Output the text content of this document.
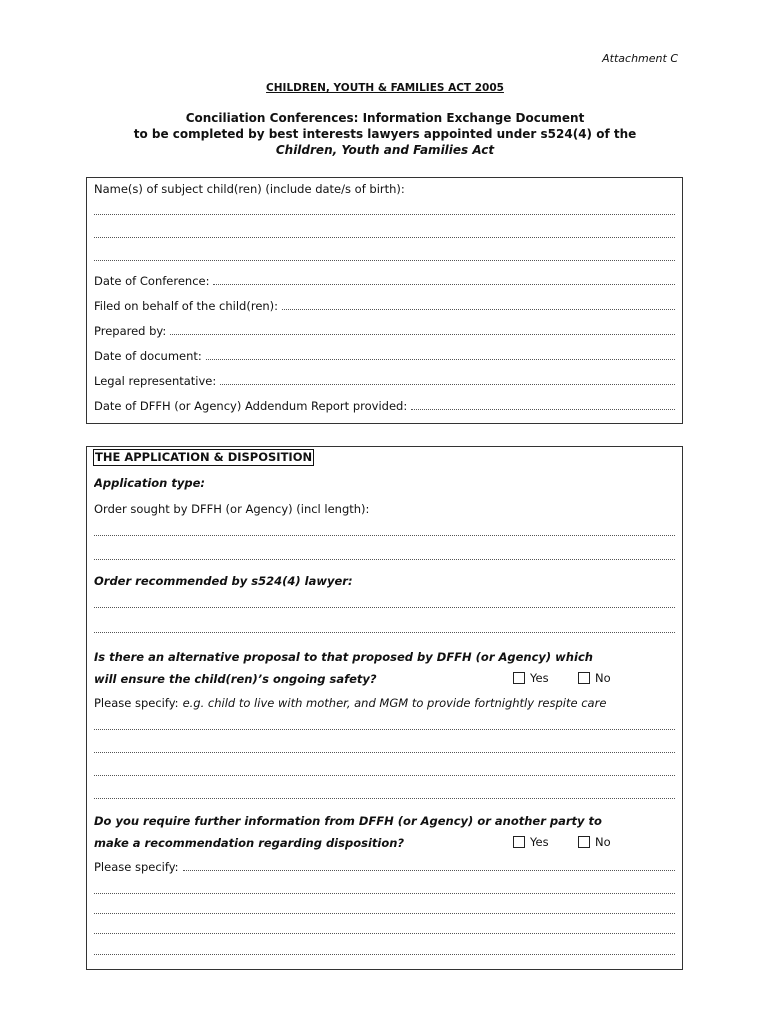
Attachment C
CHILDREN, YOUTH & FAMILIES ACT 2005
Conciliation Conferences: Information Exchange Document
to be completed by best interests lawyers appointed under s524(4) of the
Children, Youth and Families Act
Name(s) of subject child(ren) (include date/s of birth):
Date of Conference:
Filed on behalf of the child(ren):
Prepared by:
Date of document:
Legal representative:
Date of DFFH (or Agency) Addendum Report provided:
THE APPLICATION & DISPOSITION
Application type:
Order sought by DFFH (or Agency) (incl length):
Order recommended by s524(4) lawyer:
Is there an alternative proposal to that proposed by DFFH (or Agency) which
will ensure the child(ren)’s ongoing safety?	Yes	No
Please specify: e.g. child to live with mother, and MGM to provide fortnightly respite care
Do you require further information from DFFH (or Agency) or another party to
make a recommendation regarding disposition?	Yes	No
Please specify:
